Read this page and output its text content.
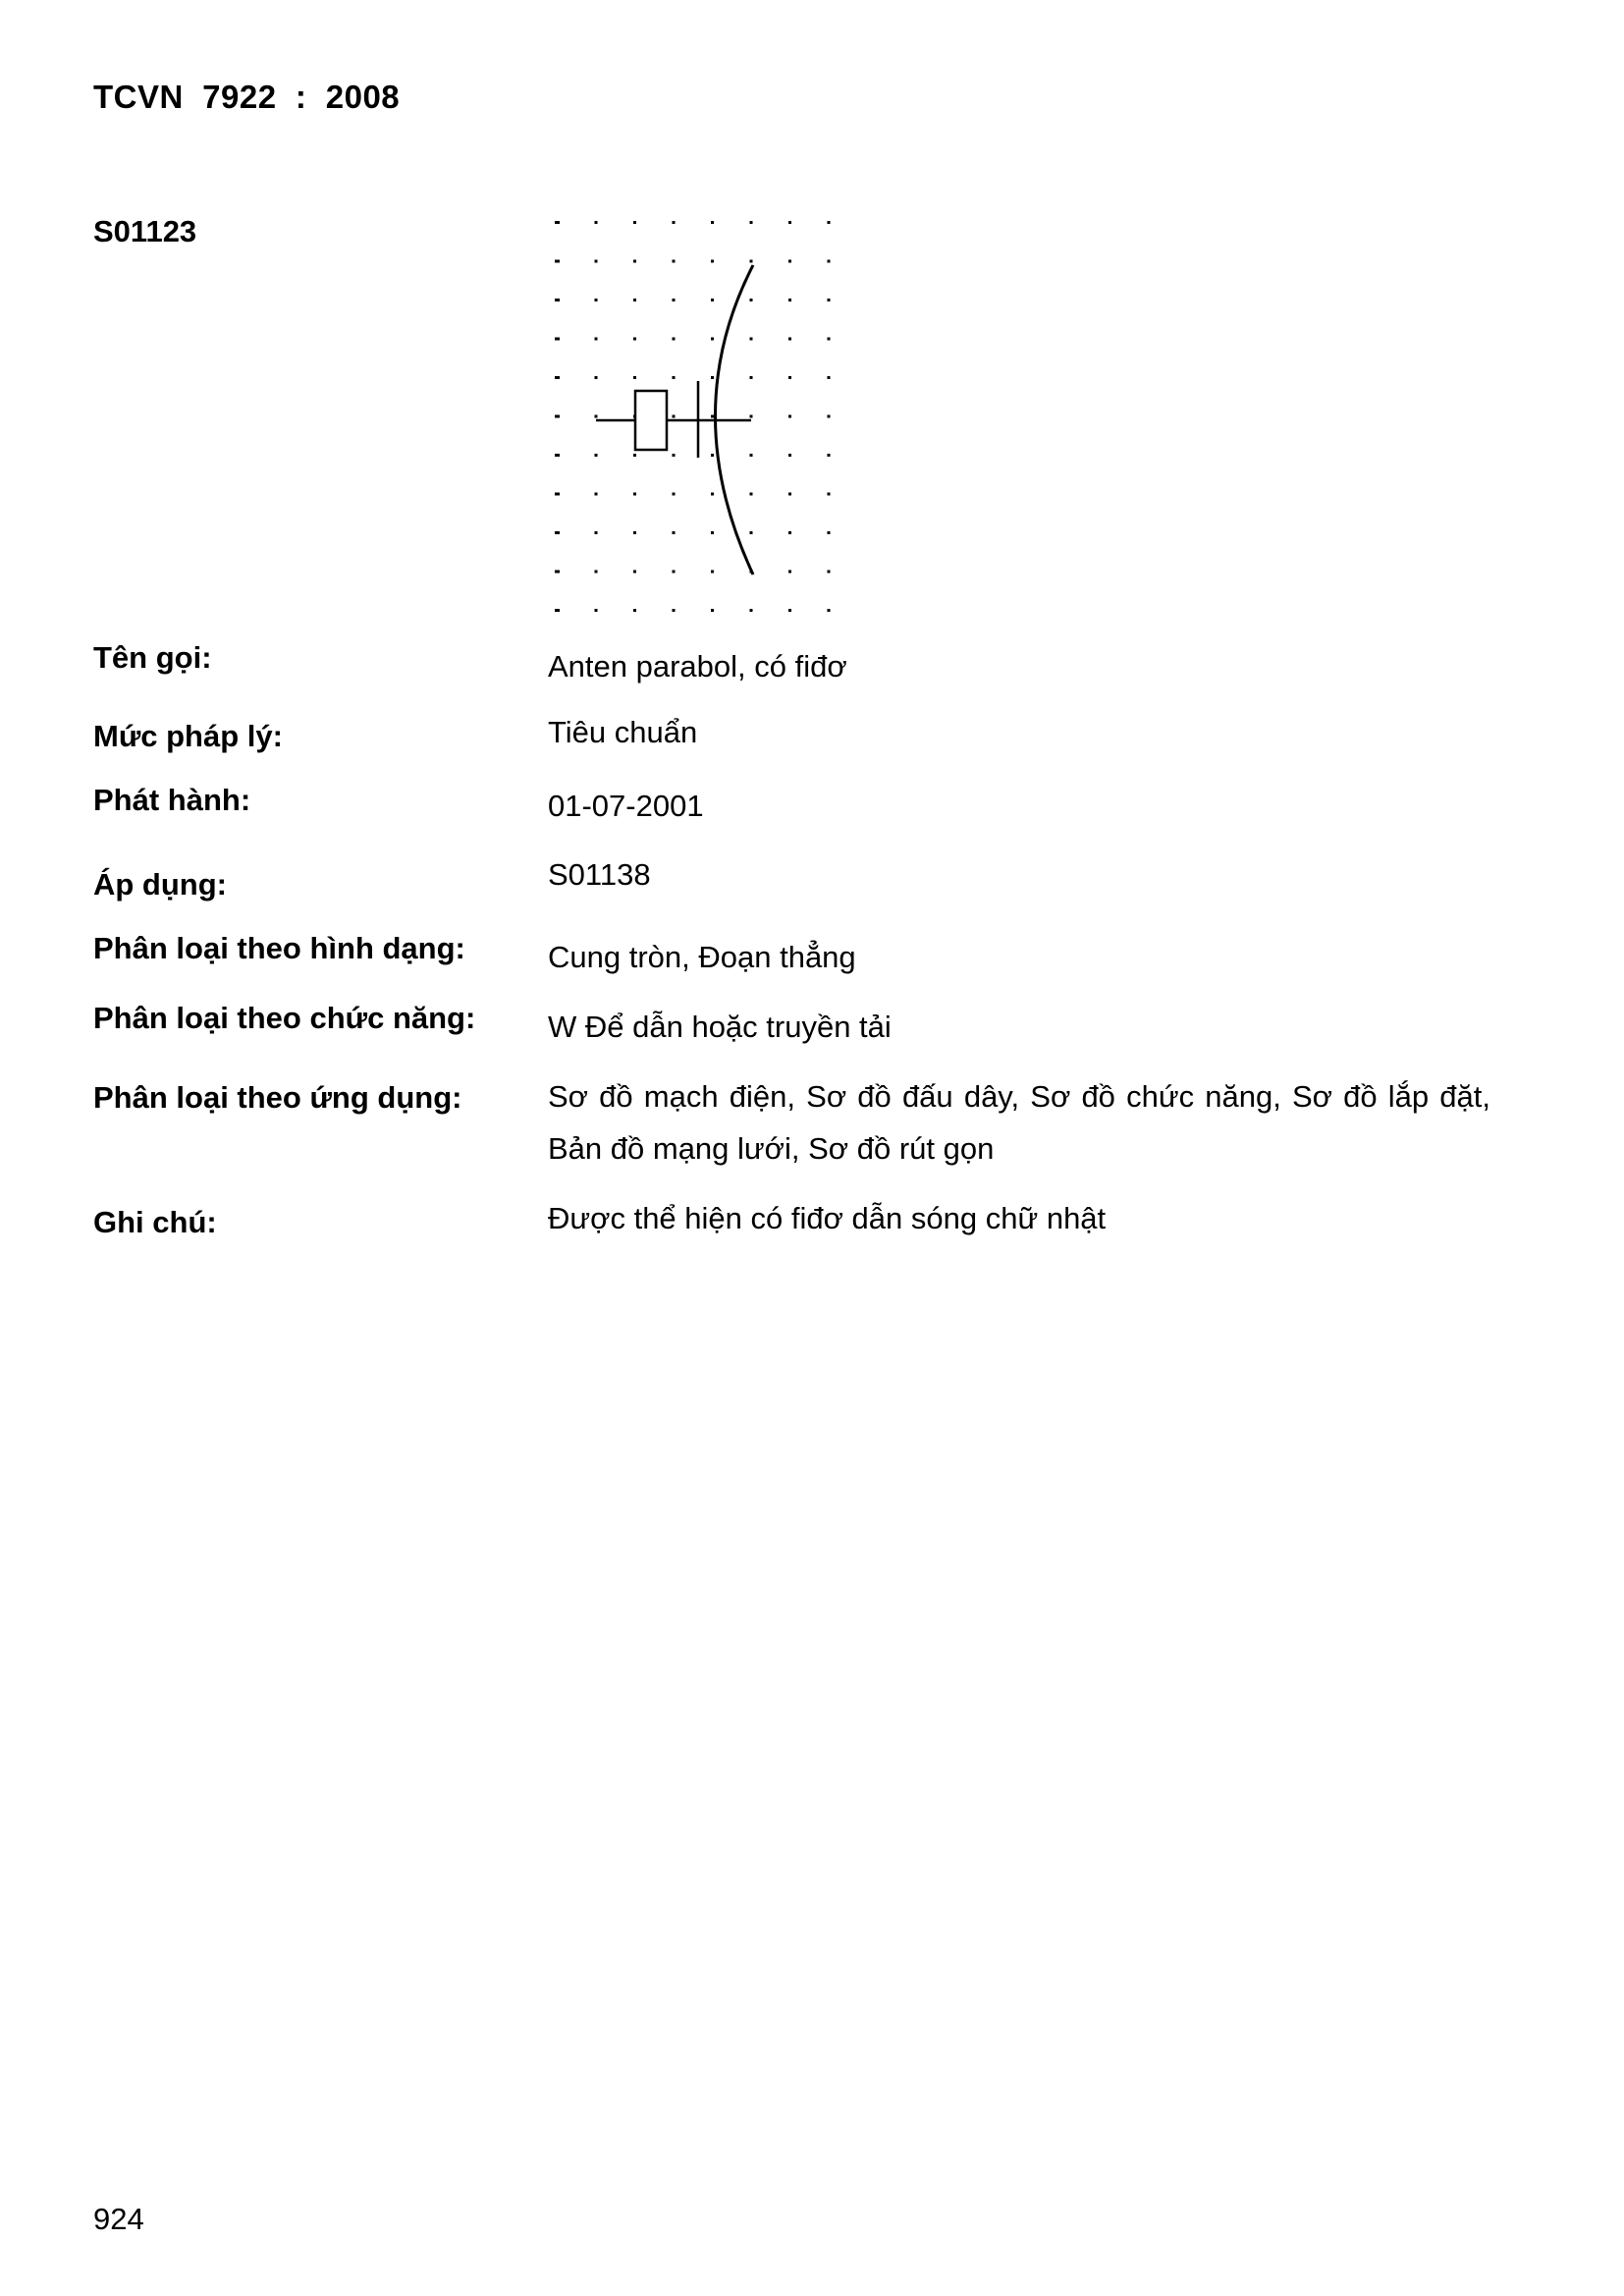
TCVN  7922  :  2008
S01123
Tên gọi:	Anten parabol, có fiđơ
Mức pháp lý:	Tiêu chuẩn
Phát hành:	01-07-2001
Áp dụng:	S01138
Phân loại theo hình dạng:	Cung tròn, Đoạn thẳng
Phân loại theo chức năng: W Để dẫn hoặc truyền tải
Phân loại theo ứng dụng:	Sơ đồ mạch điện, Sơ đồ đấu dây, Sơ đồ chức năng, Sơ đồ lắp đặt, Bản đồ mạng lưới, Sơ đồ rút gọn
Ghi chú:	Được thể hiện có fiđơ dẫn sóng chữ nhật
924
